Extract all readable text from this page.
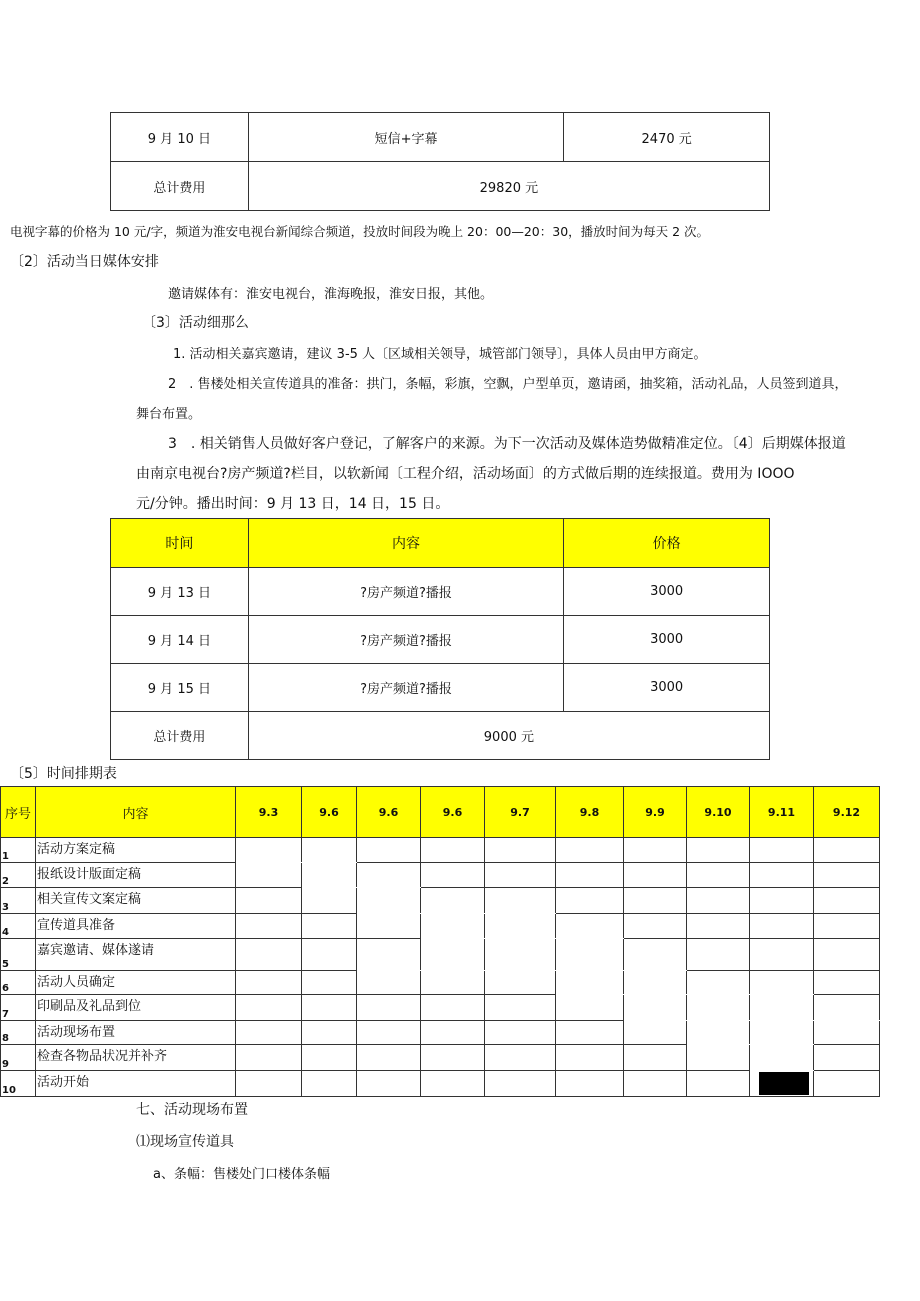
9 月 10 日	短信+字幕	2470 元
总计费用	29820 元	
电视字幕的价格为 10 元/字，频道为淮安电视台新闻综合频道，投放时间段为晚上 20：00—20：30，播放时间为每天 2 次。
〔2〕活动当日媒体安排
邀请媒体有：淮安电视台，淮海晚报，淮安日报，其他。
〔3〕活动细那么
1. 活动相关嘉宾邀请，建议 3-5 人〔区域相关领导，城管部门领导〕，具体人员由甲方商定。
2　. 售楼处相关宣传道具的准备：拱门，条幅，彩旗，空飘，户型单页，邀请函，抽奖箱，活动礼品，人员签到道具，
舞台布置。
3　. 相关销售人员做好客户登记，了解客户的来源。为下一次活动及媒体造势做精准定位。〔4〕后期媒体报道
由南京电视台?房产频道?栏目，以软新闻〔工程介绍，活动场面〕的方式做后期的连续报道。费用为 IOOO
元/分钟。播出时间：9 月 13 日，14 日，15 日。
时间	内容	价格
9 月 13 日	?房产频道?播报	3000
9 月 14 日	?房产频道?播报	3000
9 月 15 日	?房产频道?播报	3000
总计费用	9000 元	
〔5〕时间排期表
序号	内容	9.3	9.6	9.6	9.6	9.7	9.8	9.9	9.10	9.11	9.12
1	活动方案定稿										
2	报纸设计版面定稿										
3	相关宣传文案定稿										
4	宣传道具准备										
5	嘉宾邀请、媒体遂请										
6	活动人员确定										
7	印刷品及礼品到位										
8	活动现场布置										
9	检查各物品状况并补齐										
10	活动开始										
七、活动现场布置
⑴现场宣传道具
a、条幅：售楼处门口楼体条幅
